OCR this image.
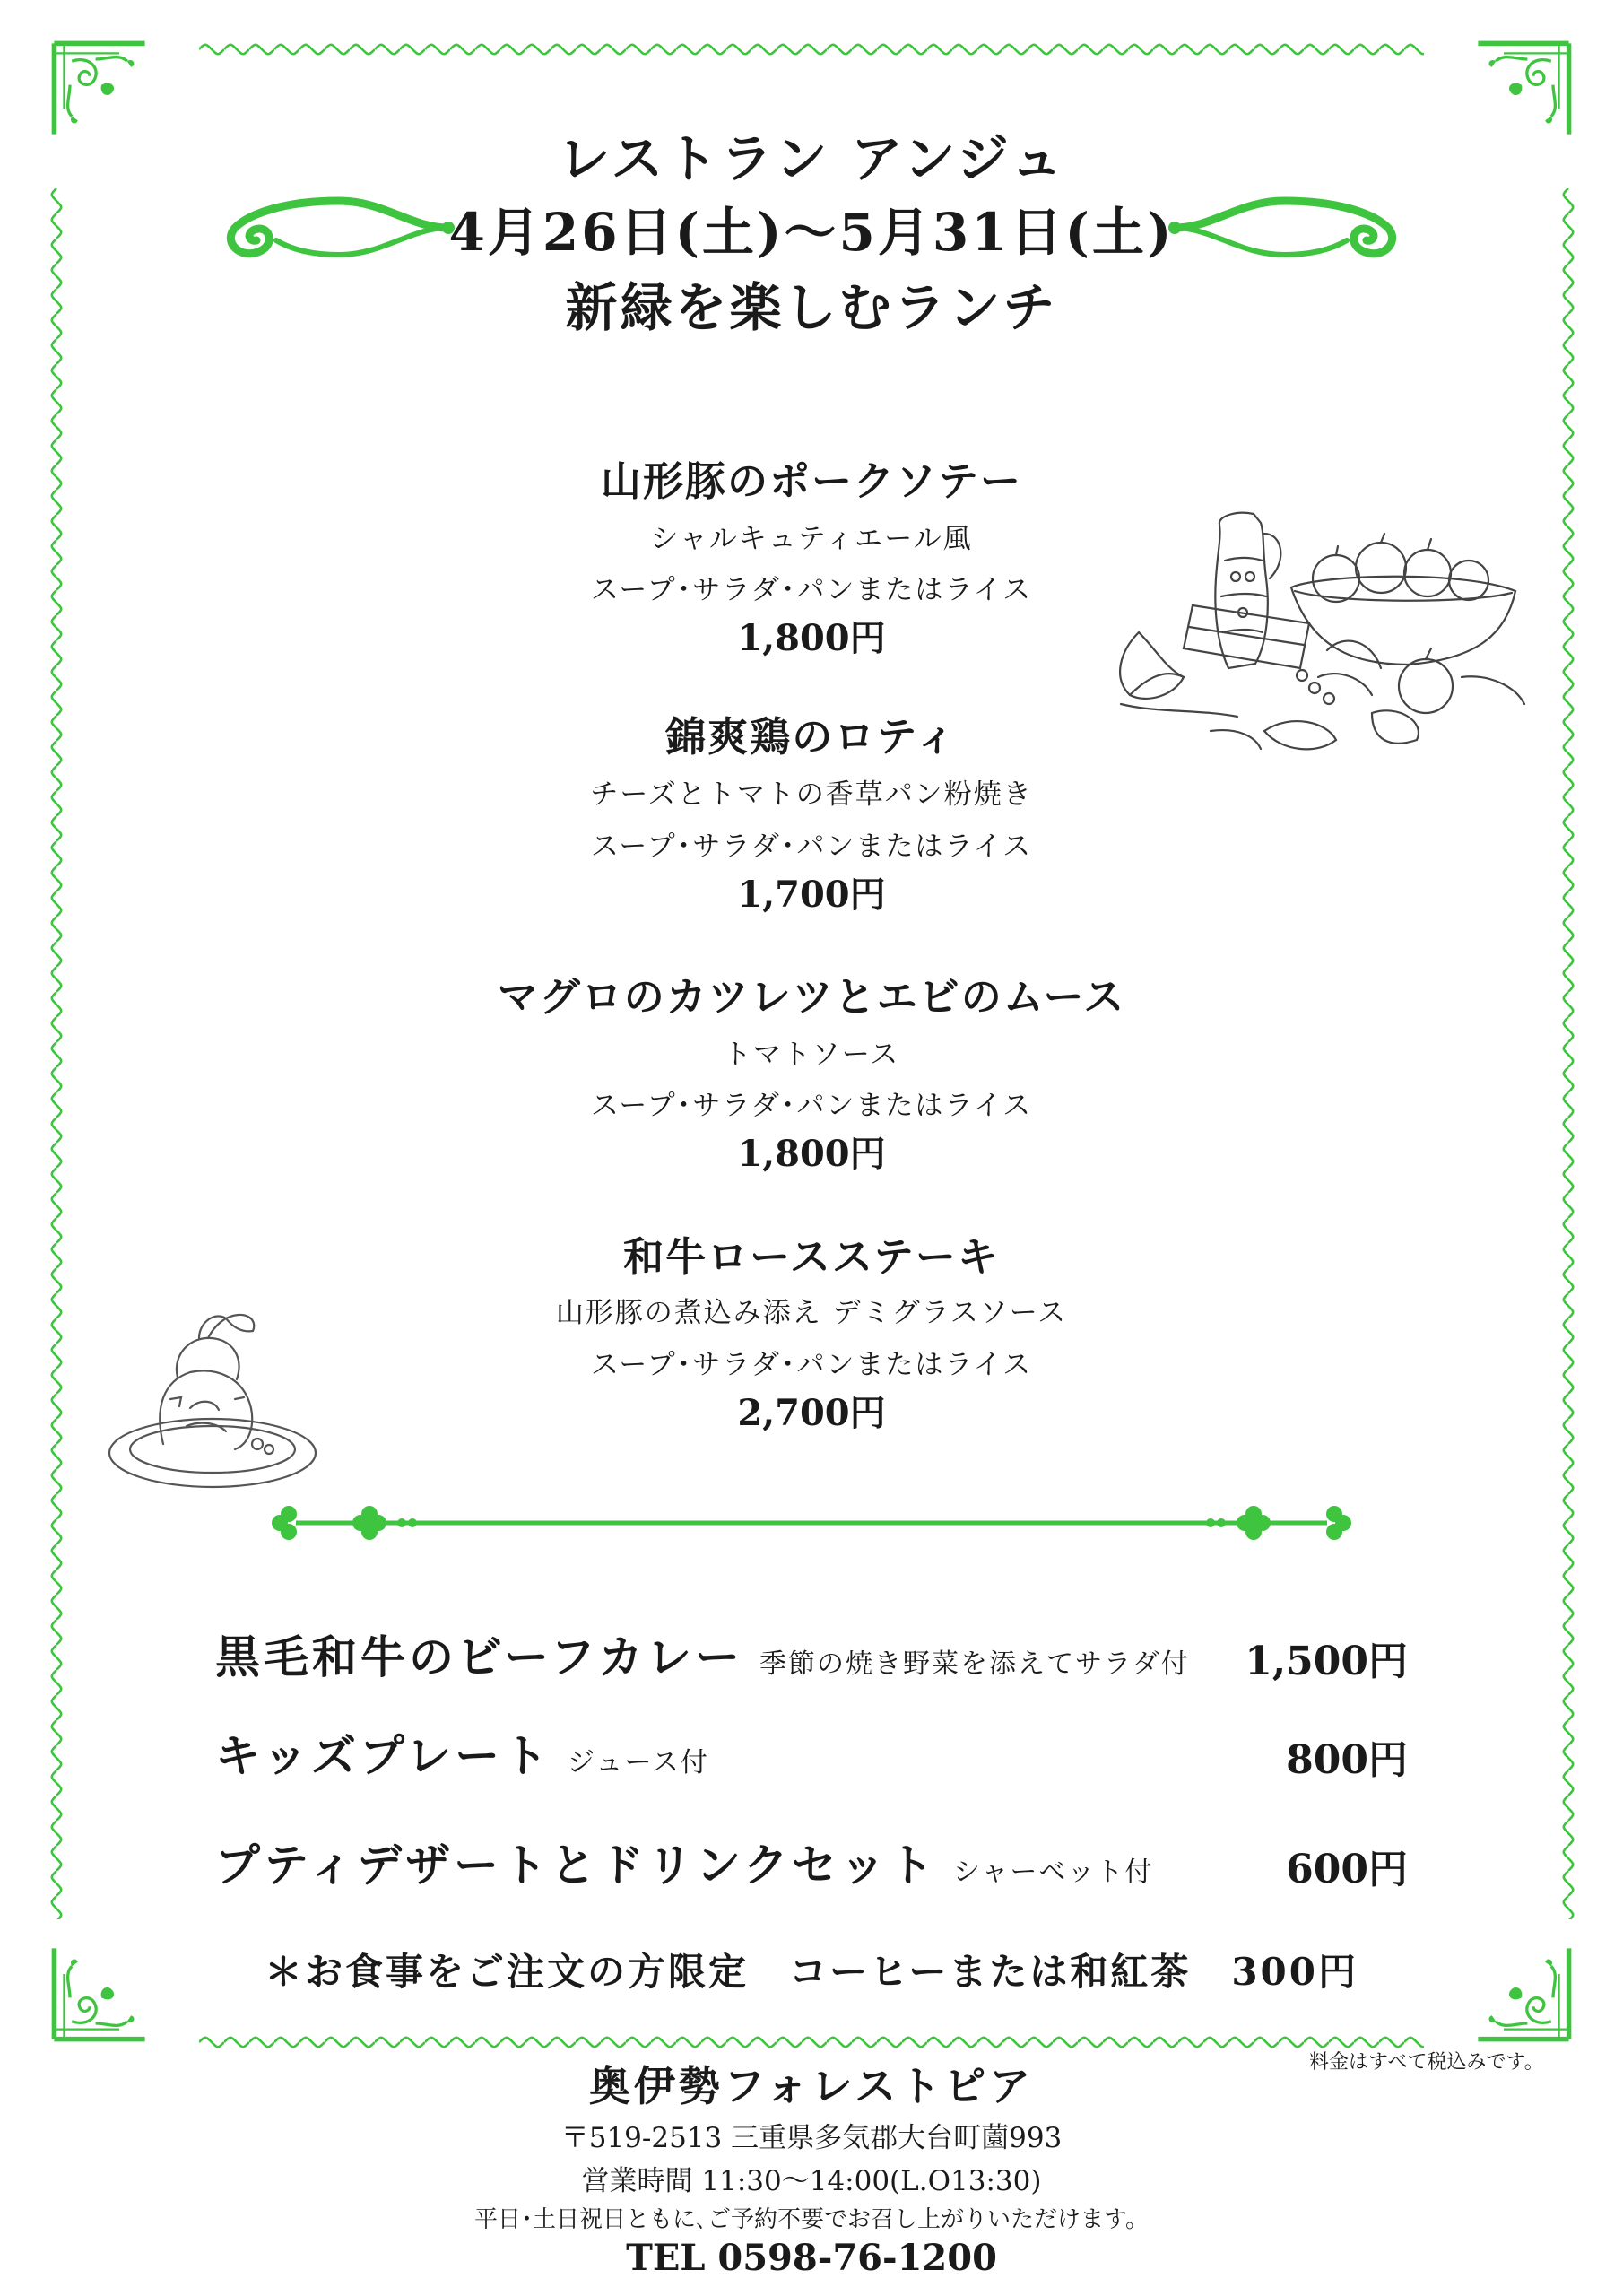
レストラン アンジュ
4月26日(土)〜5月31日(土)
新緑を楽しむランチ
山形豚のポークソテー
シャルキュティエール風
スープ･サラダ･パンまたはライス
1,800円
錦爽鶏のロティ
チーズとトマトの香草パン粉焼き
スープ･サラダ･パンまたはライス
1,700円
マグロのカツレツとエビのムース
トマトソース
スープ･サラダ･パンまたはライス
1,800円
和牛ロースステーキ
山形豚の煮込み添え デミグラスソース
スープ･サラダ･パンまたはライス
2,700円
黒毛和牛のビーフカレー 季節の焼き野菜を添えてサラダ付 1,500円
キッズプレート ジュース付	800円
プティデザートとドリンクセット シャーベット付	600円
＊お食事をご注文の方限定　コーヒーまたは和紅茶　300円
料金はすべて税込みです。
奥伊勢フォレストピア
〒519-2513 三重県多気郡大台町薗993
営業時間 11:30〜14:00(L.O13:30)
平日･土日祝日ともに､ご予約不要でお召し上がりいただけます。
TEL 0598-76-1200
